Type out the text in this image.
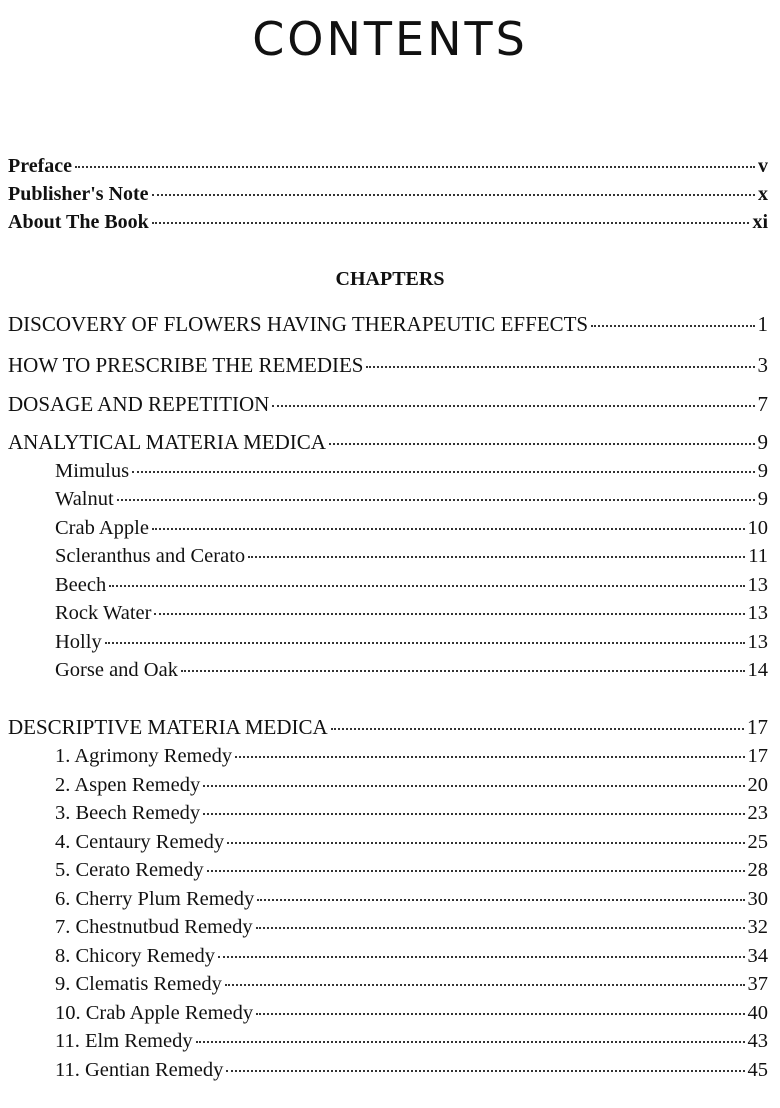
CONTENTS
CHAPTERS
Preface	v
Publisher's Note	x
About The Book	xi
DISCOVERY OF FLOWERS HAVING THERAPEUTIC EFFECTS	1
HOW TO PRESCRIBE THE REMEDIES	3
DOSAGE AND REPETITION	7
ANALYTICAL MATERIA MEDICA	9
Mimulus	9
Walnut	9
Crab Apple	10
Scleranthus and Cerato	11
Beech	13
Rock Water	13
Holly	13
Gorse and Oak	14
DESCRIPTIVE MATERIA MEDICA	17
1. Agrimony Remedy	17
2. Aspen Remedy	20
3. Beech Remedy	23
4. Centaury Remedy	25
5. Cerato Remedy	28
6. Cherry Plum Remedy	30
7. Chestnutbud Remedy	32
8. Chicory Remedy	34
9. Clematis Remedy	37
10. Crab Apple Remedy	40
11. Elm Remedy	43
11. Gentian Remedy	45
